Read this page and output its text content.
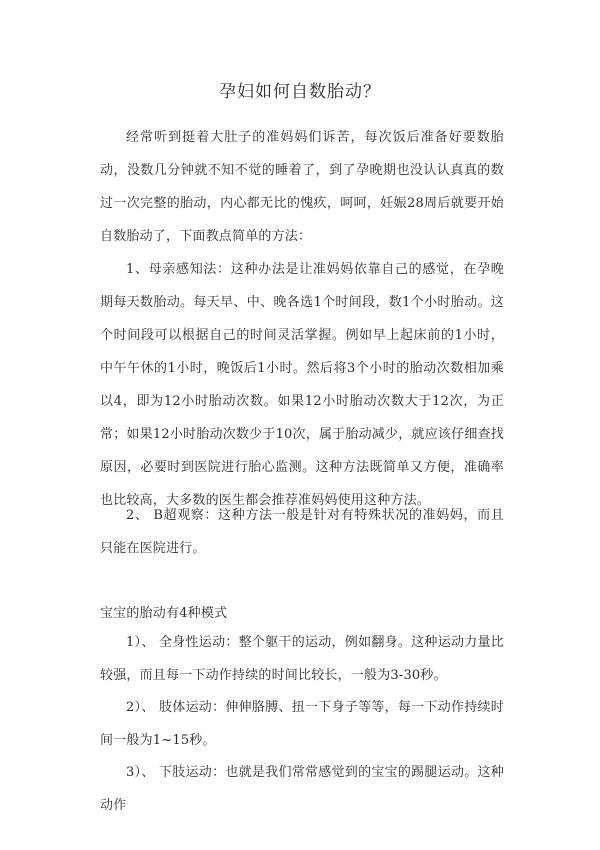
孕妇如何自数胎动？

经常听到挺着大肚子的准妈妈们诉苦，每次饭后准备好要数胎动，没数几分钟就不知不觉的睡着了，到了孕晚期也没认认真真的数过一次完整的胎动，内心都无比的愧疚，呵呵，妊娠28周后就要开始自数胎动了，下面教点简单的方法：

1、母亲感知法：这种办法是让准妈妈依靠自己的感觉，在孕晚期每天数胎动。每天早、中、晚各选1个时间段，数1个小时胎动。这个时间段可以根据自己的时间灵活掌握。例如早上起床前的1小时，中午午休的1小时，晚饭后1小时。然后将3个小时的胎动次数相加乘以4，即为12小时胎动次数。如果12小时胎动次数大于12次，为正常；如果12小时胎动次数少于10次，属于胎动减少，就应该仔细查找原因，必要时到医院进行胎心监测。这种方法既简单又方便，准确率也比较高，大多数的医生都会推荐准妈妈使用这种方法。

2、 B超观察：这种方法一般是针对有特殊状况的准妈妈，而且只能在医院进行。

宝宝的胎动有4种模式

1）、 全身性运动：整个躯干的运动，例如翻身。这种运动力量比较强，而且每一下动作持续的时间比较长，一般为3-30秒。

2）、 肢体运动：伸伸胳膊、扭一下身子等等，每一下动作持续时间一般为1~15秒。

3）、 下肢运动：也就是我们常常感觉到的宝宝的踢腿运动。这种动作
